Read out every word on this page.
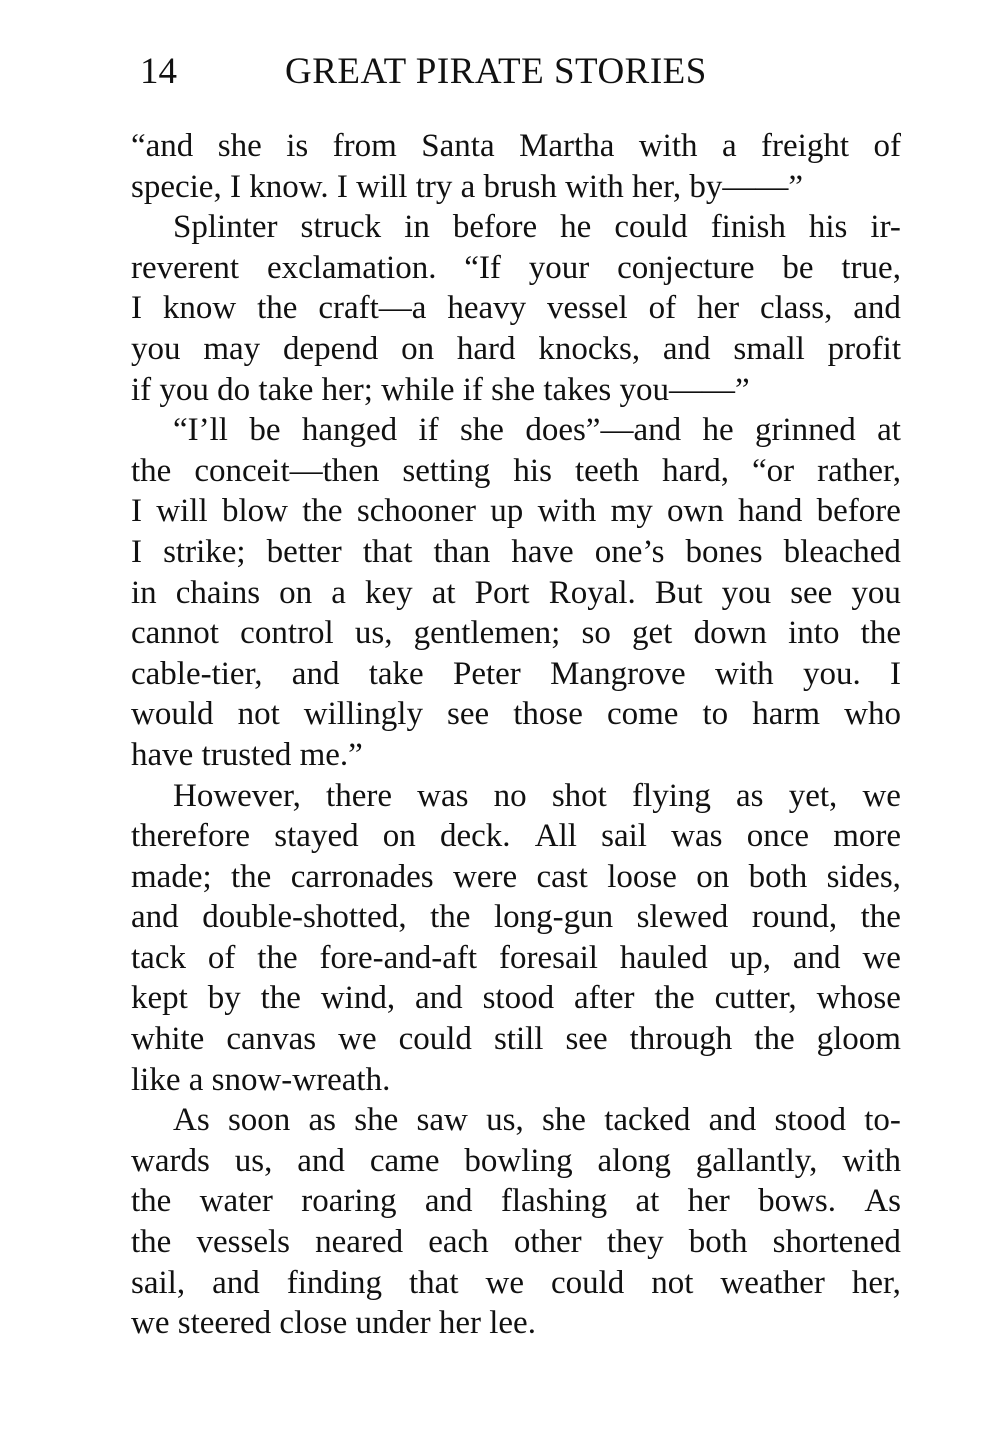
14	GREAT PIRATE STORIES
“and she is from Santa Martha with a freight of
specie, I know. I will try a brush with her, by——”
Splinter struck in before he could finish his ir-
reverent exclamation. “If your conjecture be true,
I know the craft—a heavy vessel of her class, and
you may depend on hard knocks, and small profit
if you do take her; while if she takes you——”
“I’ll be hanged if she does”—and he grinned at
the conceit—then setting his teeth hard, “or rather,
I will blow the schooner up with my own hand before
I strike; better that than have one’s bones bleached
in chains on a key at Port Royal. But you see you
cannot control us, gentlemen; so get down into the
cable-tier, and take Peter Mangrove with you. I
would not willingly see those come to harm who
have trusted me.”
However, there was no shot flying as yet, we
therefore stayed on deck. All sail was once more
made; the carronades were cast loose on both sides,
and double-shotted, the long-gun slewed round, the
tack of the fore-and-aft foresail hauled up, and we
kept by the wind, and stood after the cutter, whose
white canvas we could still see through the gloom
like a snow-wreath.
As soon as she saw us, she tacked and stood to-
wards us, and came bowling along gallantly, with
the water roaring and flashing at her bows. As
the vessels neared each other they both shortened
sail, and finding that we could not weather her,
we steered close under her lee.
